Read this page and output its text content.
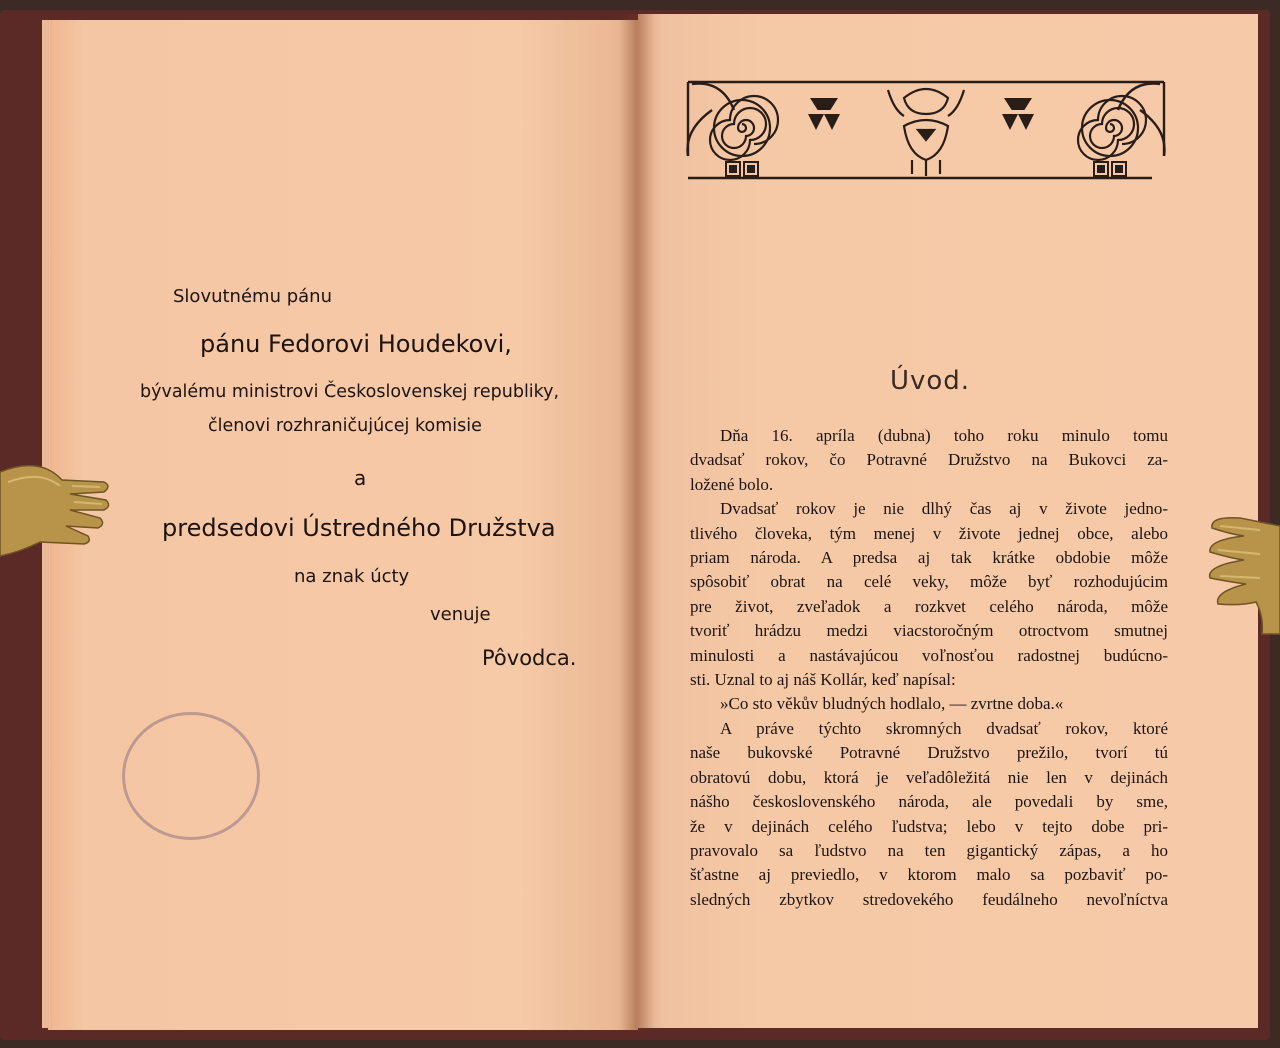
Slovutnému pánu
pánu Fedorovi Houdekovi,
bývalému ministrovi Československej republiky,
členovi rozhraničujúcej komisie
a
predsedovi Ústredného Družstva
na znak úcty
venuje
Pôvodca.
Úvod.
Dňa 16. apríla (dubna) toho roku minulo tomu
dvadsať rokov, čo Potravné Družstvo na Bukovci za-
ložené bolo.
Dvadsať rokov je nie dlhý čas aj v živote jedno-
tlivého človeka, tým menej v živote jednej obce, alebo
priam národa. A predsa aj tak krátke obdobie môže
spôsobiť obrat na celé veky, môže byť rozhodujúcim
pre život, zveľadok a rozkvet celého národa, môže
tvoriť hrádzu medzi viacstoročným otroctvom smutnej
minulosti a nastávajúcou voľnosťou radostnej budúcno-
sti. Uznal to aj náš Kollár, keď napísal:
»Co sto věkův bludných hodlalo, — zvrtne doba.«
A práve týchto skromných dvadsať rokov, ktoré
naše bukovské Potravné Družstvo prežilo, tvorí tú
obratovú dobu, ktorá je veľadôležitá nie len v dejinách
nášho československého národa, ale povedali by sme,
že v dejinách celého ľudstva; lebo v tejto dobe pri-
pravovalo sa ľudstvo na ten gigantický zápas, a ho
šťastne aj previedlo, v ktorom malo sa pozbaviť po-
sledných zbytkov stredovekého feudálneho nevoľníctva
